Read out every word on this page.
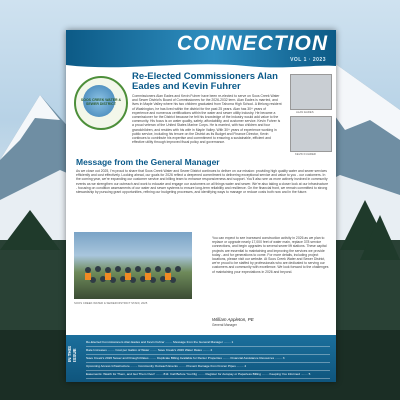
CONNECTION
VOL 1 · 2023
SOOS CREEK WATER & SEWER DISTRICT
Re-Elected Commissioners Alan Eades and Kevin Fuhrer
Commissioners Alan Eades and Kevin Fuhrer have been re-elected to serve on Soos Creek Water and Sewer District's Board of Commissioners for the 2026-2032 term. Alan Eades is married, and lives in Maple Valley where his two children graduated from Tahoma High School. A lifelong resident of Washington, he has lived within the district for the past 25 years. Alan has 30+ years of experience and numerous certifications within the water and sewer utility industry. He became a commissioner for the District because he felt his knowledge of the industry would add value to the community. His focus is on water quality, safety, affordability, and customer service. Kevin Fuhrer is a proud veteran of the United States Marine Corps. He is married, with two children and four grandchildren, and resides with his wife in Maple Valley. With 30+ years of experience working in public service, including his tenure on the District as its Budget and Finance Director, Kevin continues to contribute his expertise and commitment to ensuring a sustainable, efficient and effective utility through improved fiscal policy and governance.
ALAN EADES
KEVIN FUHRER
Message from the General Manager
As we close out 2025, I'm proud to share that Soos Creek Water and Sewer District continues to deliver on our mission: providing high quality water and sewer services efficiently and cost effectively. Looking ahead, our goals for 2026 reflect a deepened commitment to delivering exceptional service and value to you - our customers. In the coming year, we're expanding our customer service and billing team to enhance responsiveness and support. You'll also see us more actively involved in community events as we strengthen our outreach and work to educate and engage our customers on all things water and sewer. We're also taking a closer look at our infrastructure - focusing on condition assessments of our water and sewer systems to ensure long-term reliability and resilience. On the financial front, we remain committed to strong stewardship by pursuing grant opportunities, refining our budgeting processes, and identifying ways to manage or reduce costs both now and in the future.
SOOS CREEK WATER & SEWER DISTRICT STAFF, 2025
You can expect to see increased construction activity in 2026 as we plan to replace or upgrade nearly 17,000 feet of water main, replace 378 service connections, and begin upgrades to several sewer lift stations. These capital projects are essential to maintaining and improving the services we provide today - and for generations to come. For more details, including project locations, please visit our website. At Soos Creek Water and Sewer District, we're proud to be staffed by professionals who are dedicated to serving our customers and community with excellence. We look forward to the challenges of maintaining your expectations in 2026 and beyond.
William Appleton, PE
General Manager
IN THIS ISSUE
Re-Elected Commissioners Alan Eades and Kevin Fuhrer ........ Message from the General Manager ........ 1
Rate Increases ........ Cost per Gallon of Water ........ Save Creek's 2026 Water Rates ........ 2
Save Creek's 2026 Sewer and Drought Rates ........ Duplicate Billing Available for Renter Properties ........ Financial Assistance Resources ........ 3
Upcoming Access Infrastructure ........ Community Outreach Events ........ Prevent Damage from Frozen Pipes ........ 4
Easements: Watch for Them, and Get Them Over! ........ 811: Call Before You Dig ........ Register for Autopay or Paperless Billing ........ Keeping You Informed ........ 5
